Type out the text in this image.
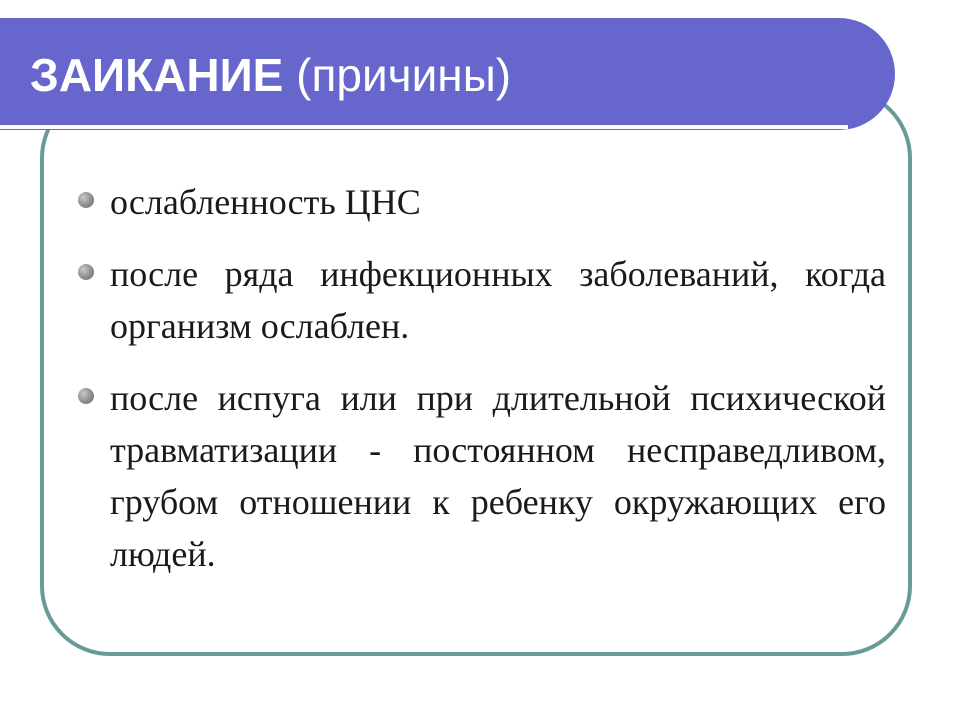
ЗАИКАНИЕ (причины)
ослабленность ЦНС
после ряда инфекционных заболеваний, когда организм ослаблен.
после испуга или при длительной психической травматизации - постоянном несправедливом, грубом отношении к ребенку окружающих его людей.
